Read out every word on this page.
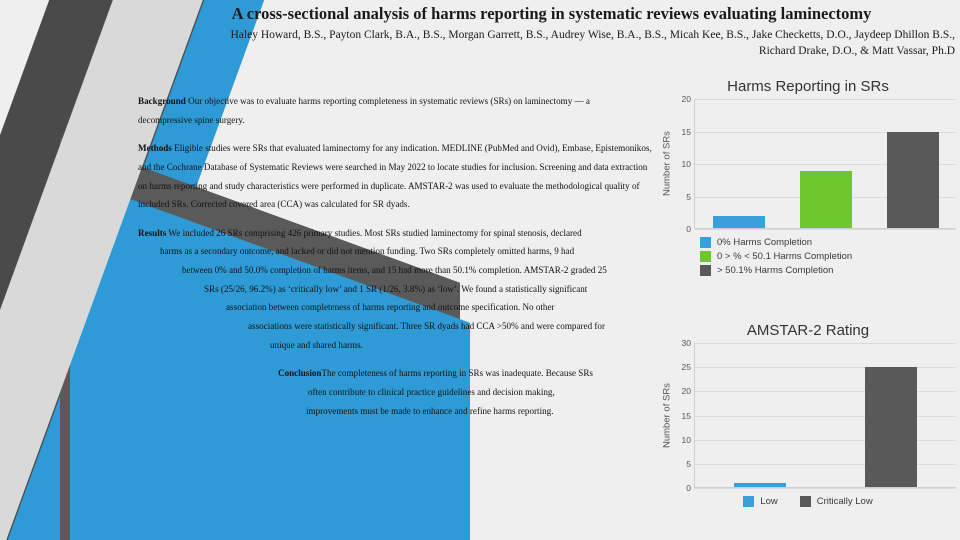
A cross-sectional analysis of harms reporting in systematic reviews evaluating laminectomy
Haley Howard, B.S., Payton Clark, B.A., B.S., Morgan Garrett, B.S., Audrey Wise, B.A., B.S., Micah Kee, B.S., Jake Checketts, D.O., Jaydeep Dhillon B.S.,
Richard Drake, D.O., & Matt Vassar, Ph.D
Background Our objective was to evaluate harms reporting completeness in systematic reviews (SRs) on laminectomy — a
decompressive spine surgery.
Methods Eligible studies were SRs that evaluated laminectomy for any indication. MEDLINE (PubMed and Ovid), Embase, Epistemonikos,
and the Cochrane Database of Systematic Reviews were searched in May 2022 to locate studies for inclusion. Screening and data extraction
on harms reporting and study characteristics were performed in duplicate. AMSTAR-2 was used to evaluate the methodological quality of
included SRs. Corrected covered area (CCA) was calculated for SR dyads.
Results We included 26 SRs comprising 426 primary studies. Most SRs studied laminectomy for spinal stenosis, declared
harms as a secondary outcome, and lacked or did not mention funding. Two SRs completely omitted harms, 9 had
between 0% and 50.0% completion of harms items, and 15 had more than 50.1% completion. AMSTAR-2 graded 25
SRs (25/26, 96.2%) as ‘critically low’ and 1 SR (1/26, 3.8%) as ‘low’. We found a statistically significant
association between completeness of harms reporting and outcome specification. No other
associations were statistically significant. Three SR dyads had CCA >50% and were compared for
unique and shared harms.
ConclusionThe completeness of harms reporting in SRs was inadequate. Because SRs
often contribute to clinical practice guidelines and decision making,
improvements must be made to enhance and refine harms reporting.
Harms Reporting in SRs
Number of SRs
0
5
10
15
20
0% Harms Completion
0 > % < 50.1 Harms Completion
> 50.1% Harms Completion
AMSTAR-2 Rating
Number of SRs
0
5
10
15
20
25
30
Low	Critically Low
